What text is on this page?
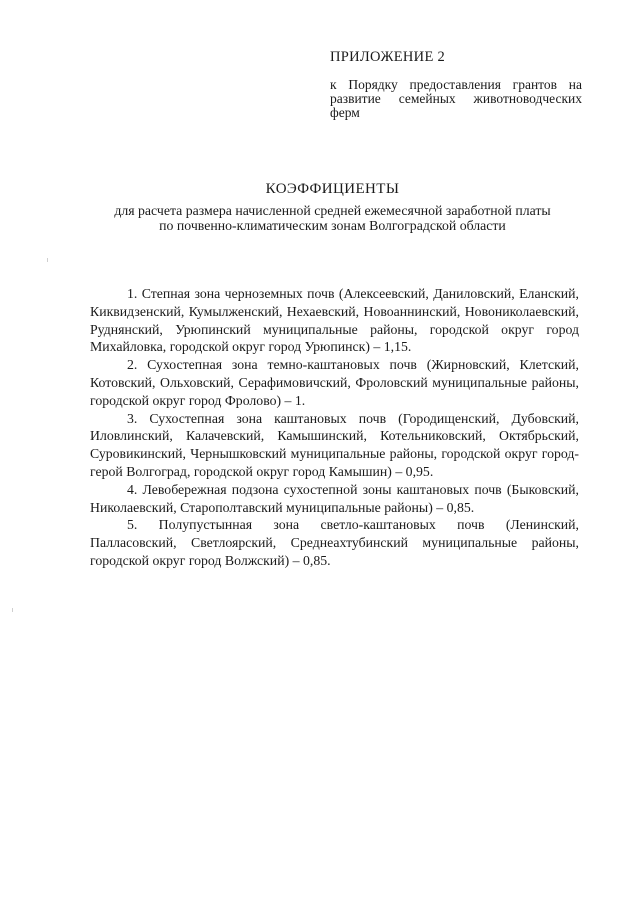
ПРИЛОЖЕНИЕ 2

к Порядку предоставления грантов на развитие семейных животноводческих ферм

КОЭФФИЦИЕНТЫ
для расчета размера начисленной средней ежемесячной заработной платы
по почвенно-климатическим зонам Волгоградской области

1. Степная зона черноземных почв (Алексеевский, Даниловский, Еланский, Киквидзенский, Кумылженский, Нехаевский, Новоаннинский, Новониколаевский, Руднянский, Урюпинский муниципальные районы, городской округ город Михайловка, городской округ город Урюпинск) – 1,15.

2. Сухостепная зона темно-каштановых почв (Жирновский, Клетский, Котовский, Ольховский, Серафимовичский, Фроловский муниципальные районы, городской округ город Фролово) – 1.

3. Сухостепная зона каштановых почв (Городищенский, Дубовский, Иловлинский, Калачевский, Камышинский, Котельниковский, Октябрьский, Суровикинский, Чернышковский муниципальные районы, городской округ город-герой Волгоград, городской округ город Камышин) – 0,95.

4. Левобережная подзона сухостепной зоны каштановых почв (Быковский, Николаевский, Старополтавский муниципальные районы) – 0,85.

5. Полупустынная зона светло-каштановых почв (Ленинский, Палласовский, Светлоярский, Среднеахтубинский муниципальные районы, городской округ город Волжский) – 0,85.
